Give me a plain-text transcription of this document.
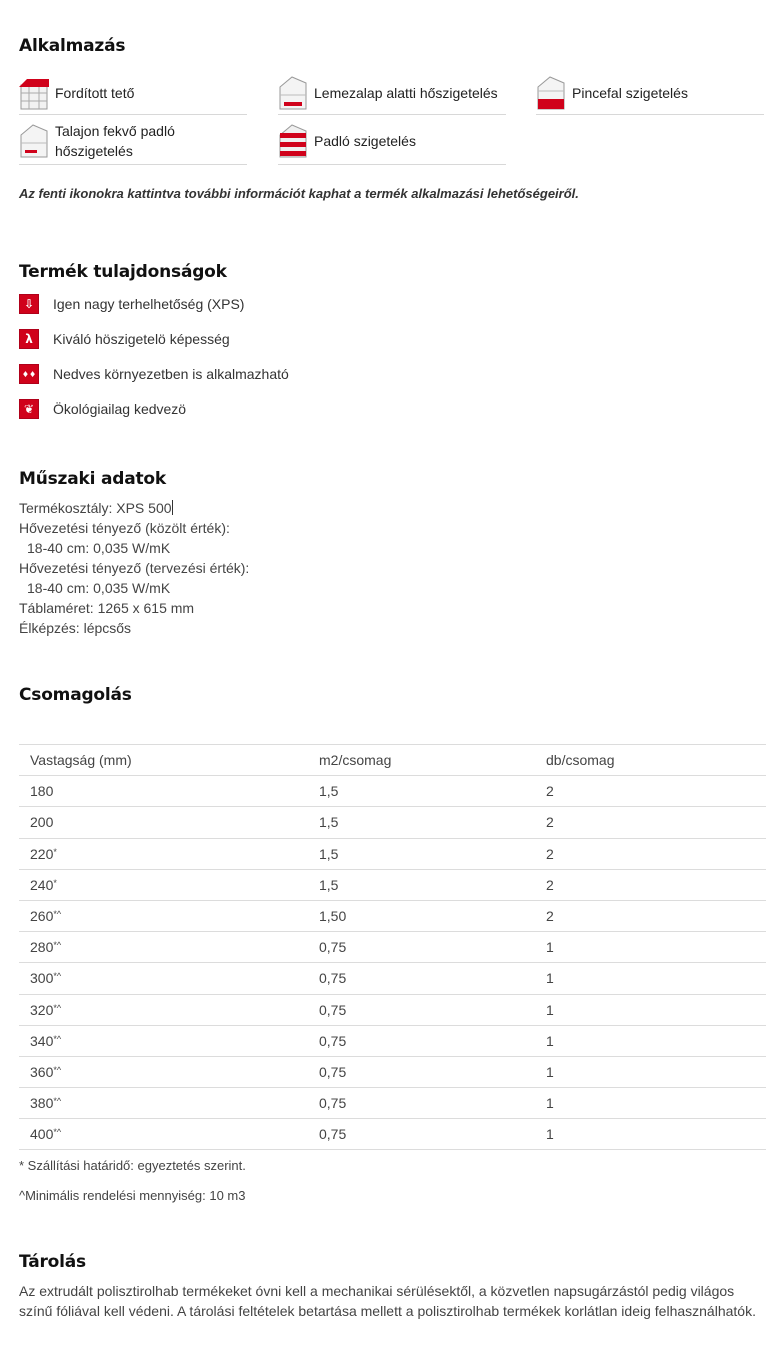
Alkalmazás
Fordított tető	Lemezalap alatti hőszigetelés	Pincefal szigetelés
Talajon fekvő padló hőszigetelés
Padló szigetelés
Az fenti ikonokra kattintva további információt kaphat a termék alkalmazási lehetőségeiről.
Termék tulajdonságok
⇩	Igen nagy terhelhetőség (XPS)
λ	Kiváló höszigetelö képesség
♦♦ Nedves környezetben is alkalmazható
❦	Ökológiailag kedvezö
Műszaki adatok
Termékosztály: XPS 500
Hővezetési tényező (közölt érték):
18-40 cm: 0,035 W/mK
Hővezetési tényező (tervezési érték):
18-40 cm: 0,035 W/mK
Táblaméret: 1265 x 615 mm
Élképzés: lépcsős
Csomagolás
Vastagság (mm)	m2/csomag	db/csomag
180	1,5	2
200	1,5	2
220*	1,5	2
240*	1,5	2
260*^	1,50	2
280*^	0,75	1
300*^	0,75	1
320*^	0,75	1
340*^	0,75	1
360*^	0,75	1
380*^	0,75	1
400*^	0,75	1
* Szállítási határidő: egyeztetés szerint.
^Minimális rendelési mennyiség: 10 m3
Tárolás
Az extrudált polisztirolhab termékeket óvni kell a mechanikai sérülésektől, a közvetlen napsugárzástól pedig világos színű fóliával kell védeni. A tárolási feltételek betartása mellett a polisztirolhab termékek korlátlan ideig felhasználhatók.
